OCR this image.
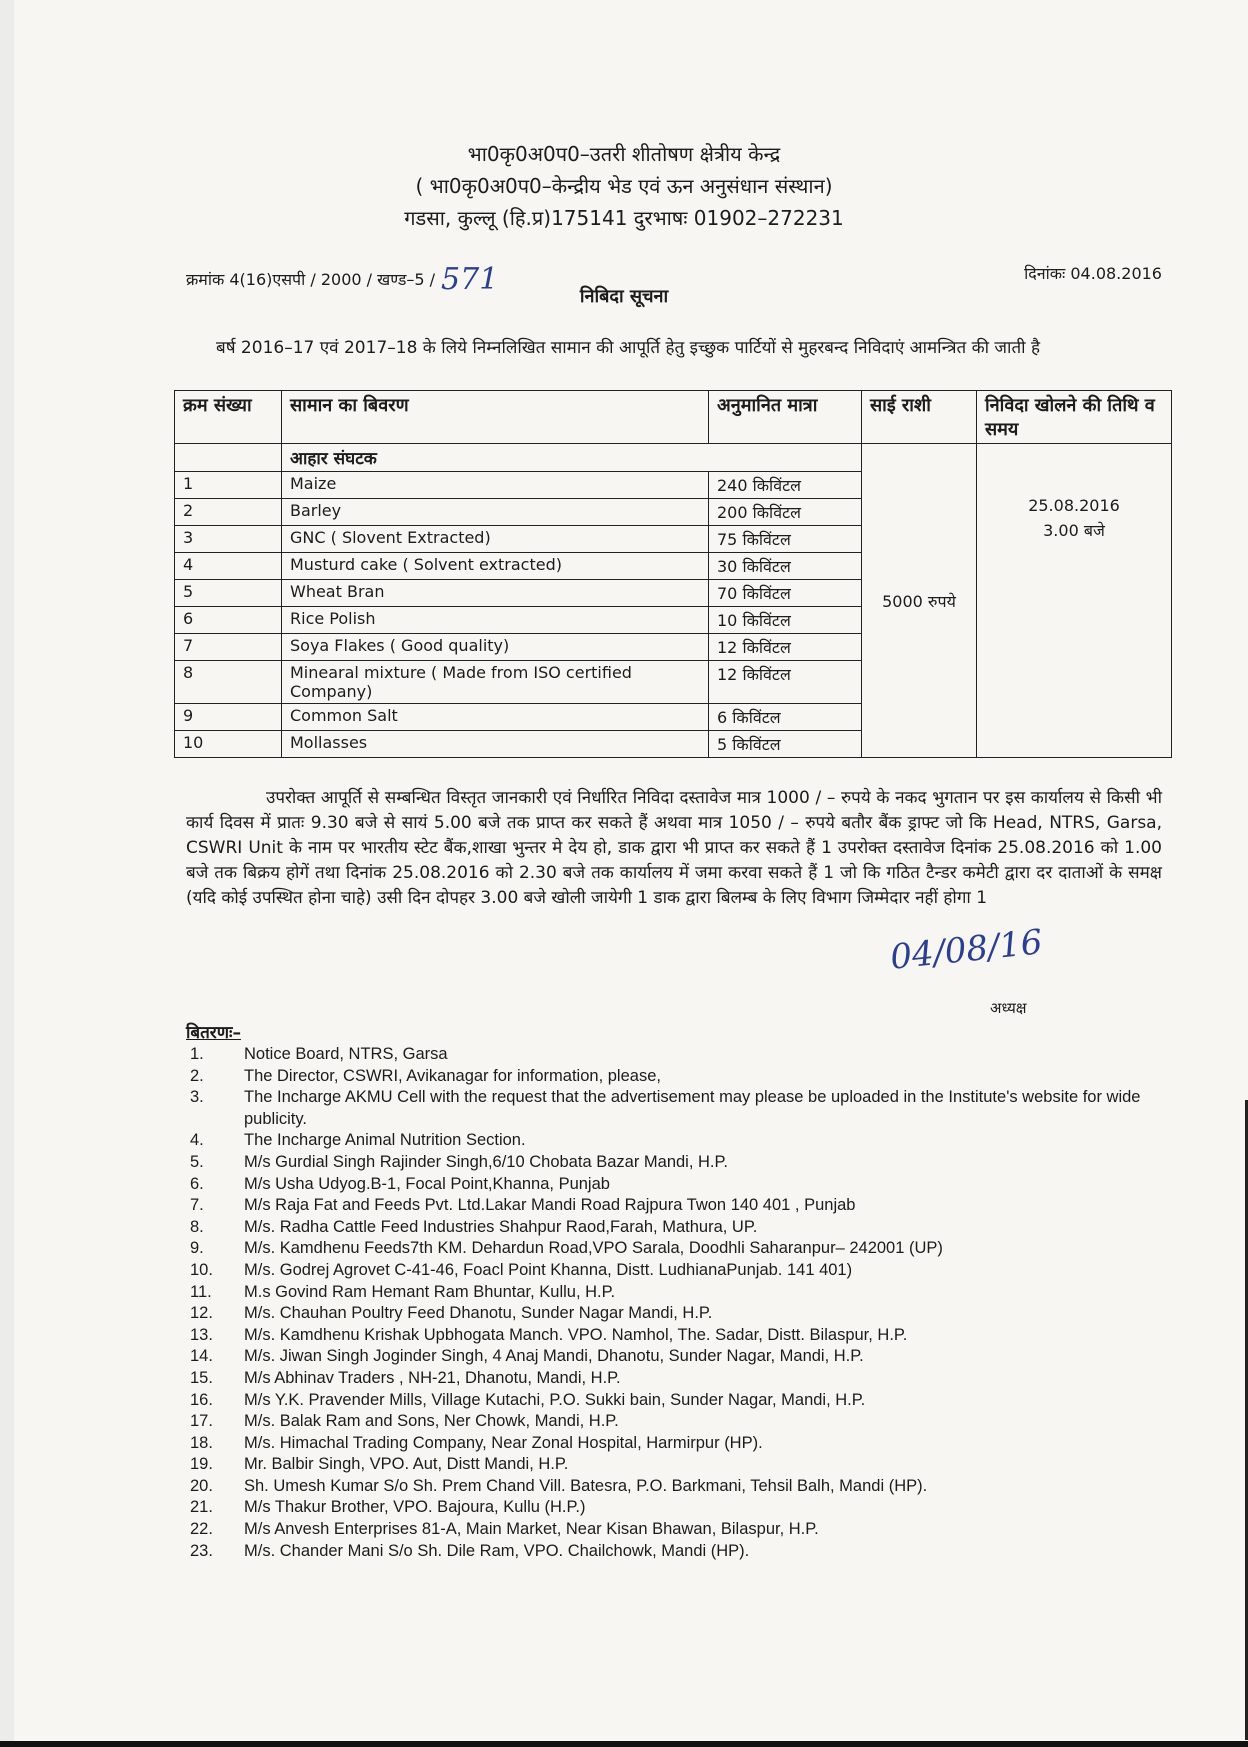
भा0कृ0अ0प0–उतरी शीतोषण क्षेत्रीय केन्द्र
( भा0कृ0अ0प0–केन्द्रीय भेड एवं ऊन अनुसंधान संस्थान)
गडसा, कुल्लू (हि.प्र)175141 दुरभाषः 01902–272231
क्रमांक 4(16)एसपी / 2000 / खण्ड–5 / 571	दिनांकः 04.08.2016
निबिदा सूचना
बर्ष 2016–17 एवं 2017–18 के लिये निम्नलिखित सामान की आपूर्ति हेतु इच्छुक पार्टियों से मुहरबन्द निविदाएं आमन्त्रित की जाती है
क्रम संख्या	सामान का बिवरण	अनुमानित मात्रा	साई राशी	निविदा खोलने की तिथि व समय
	आहार संघटक		5000 रुपये	25.08.2016
3.00 बजे

1	Maize	240 किविंटल		
2	Barley	200 किविंटल		
3	GNC ( Slovent Extracted)	75 किविंटल		
4	Musturd cake ( Solvent extracted)	30 किविंटल		
5	Wheat Bran	70 किविंटल		
6	Rice Polish	10 किविंटल		
7	Soya Flakes ( Good quality)	12 किविंटल		
8	Minearal mixture ( Made from ISO certified Company)	12 किविंटल		
9	Common Salt	6 किविंटल		
10	Mollasses	5 किविंटल		
उपरोक्त आपूर्ति से सम्बन्धित विस्तृत जानकारी एवं निर्धारित निविदा दस्तावेज मात्र 1000 / – रुपये के नकद भुगतान पर इस कार्यालय से किसी भी कार्य दिवस में प्रातः 9.30 बजे से सायं 5.00 बजे तक प्राप्त कर सकते हैं अथवा मात्र 1050 / – रुपये बतौर बैंक ड्राफ्ट जो कि Head, NTRS, Garsa, CSWRI Unit के नाम पर भारतीय स्टेट बैंक,शाखा भुन्तर मे देय हो, डाक द्वारा भी प्राप्त कर सकते हैं 1 उपरोक्त दस्तावेज दिनांक 25.08.2016 को 1.00 बजे तक बिक्रय होगें तथा दिनांक 25.08.2016 को 2.30 बजे तक कार्यालय में जमा करवा सकते हैं 1 जो कि गठित टैन्डर कमेटी द्वारा दर दाताओं के समक्ष (यदि कोई उपस्थित होना चाहे) उसी दिन दोपहर 3.00 बजे खोली जायेगी 1 डाक द्वारा बिलम्ब के लिए विभाग जिम्मेदार नहीं होगा 1
04/08/16
अध्यक्ष
बितरणः–
1.	Notice Board, NTRS, Garsa
2.	The Director, CSWRI, Avikanagar for information, please,
3.	The Incharge AKMU Cell with the request that the advertisement may please be uploaded in the Institute's website for wide publicity.
4.	The Incharge Animal Nutrition Section.
5.	M/s Gurdial Singh Rajinder Singh,6/10 Chobata Bazar Mandi, H.P.
6.	M/s Usha Udyog.B-1, Focal Point,Khanna, Punjab
7.	M/s Raja Fat and Feeds Pvt. Ltd.Lakar Mandi Road Rajpura Twon 140 401 , Punjab
8.	M/s. Radha Cattle Feed Industries Shahpur Raod,Farah, Mathura, UP.
9.	M/s. Kamdhenu Feeds7th KM. Dehardun Road,VPO Sarala, Doodhli Saharanpur– 242001 (UP)
10.	M/s. Godrej Agrovet C-41-46, Foacl Point Khanna, Distt. LudhianaPunjab. 141 401)
11.	M.s Govind Ram Hemant Ram Bhuntar, Kullu, H.P.
12.	M/s. Chauhan Poultry Feed Dhanotu, Sunder Nagar Mandi, H.P.
13.	M/s. Kamdhenu Krishak Upbhogata Manch. VPO. Namhol, The. Sadar, Distt. Bilaspur, H.P.
14.	M/s. Jiwan Singh Joginder Singh, 4 Anaj Mandi, Dhanotu, Sunder Nagar, Mandi, H.P.
15.	M/s Abhinav Traders , NH-21, Dhanotu, Mandi, H.P.
16.	M/s Y.K. Pravender Mills, Village Kutachi, P.O. Sukki bain, Sunder Nagar, Mandi, H.P.
17.	M/s. Balak Ram and Sons, Ner Chowk, Mandi, H.P.
18.	M/s. Himachal Trading Company, Near Zonal Hospital, Harmirpur (HP).
19.	Mr. Balbir Singh, VPO. Aut, Distt Mandi, H.P.
20.	Sh. Umesh Kumar S/o Sh. Prem Chand Vill. Batesra, P.O. Barkmani, Tehsil Balh, Mandi (HP).
21.	M/s Thakur Brother, VPO. Bajoura, Kullu (H.P.)
22.	M/s Anvesh Enterprises 81-A, Main Market, Near Kisan Bhawan, Bilaspur, H.P.
23.	M/s. Chander Mani S/o Sh. Dile Ram, VPO. Chailchowk, Mandi (HP).
